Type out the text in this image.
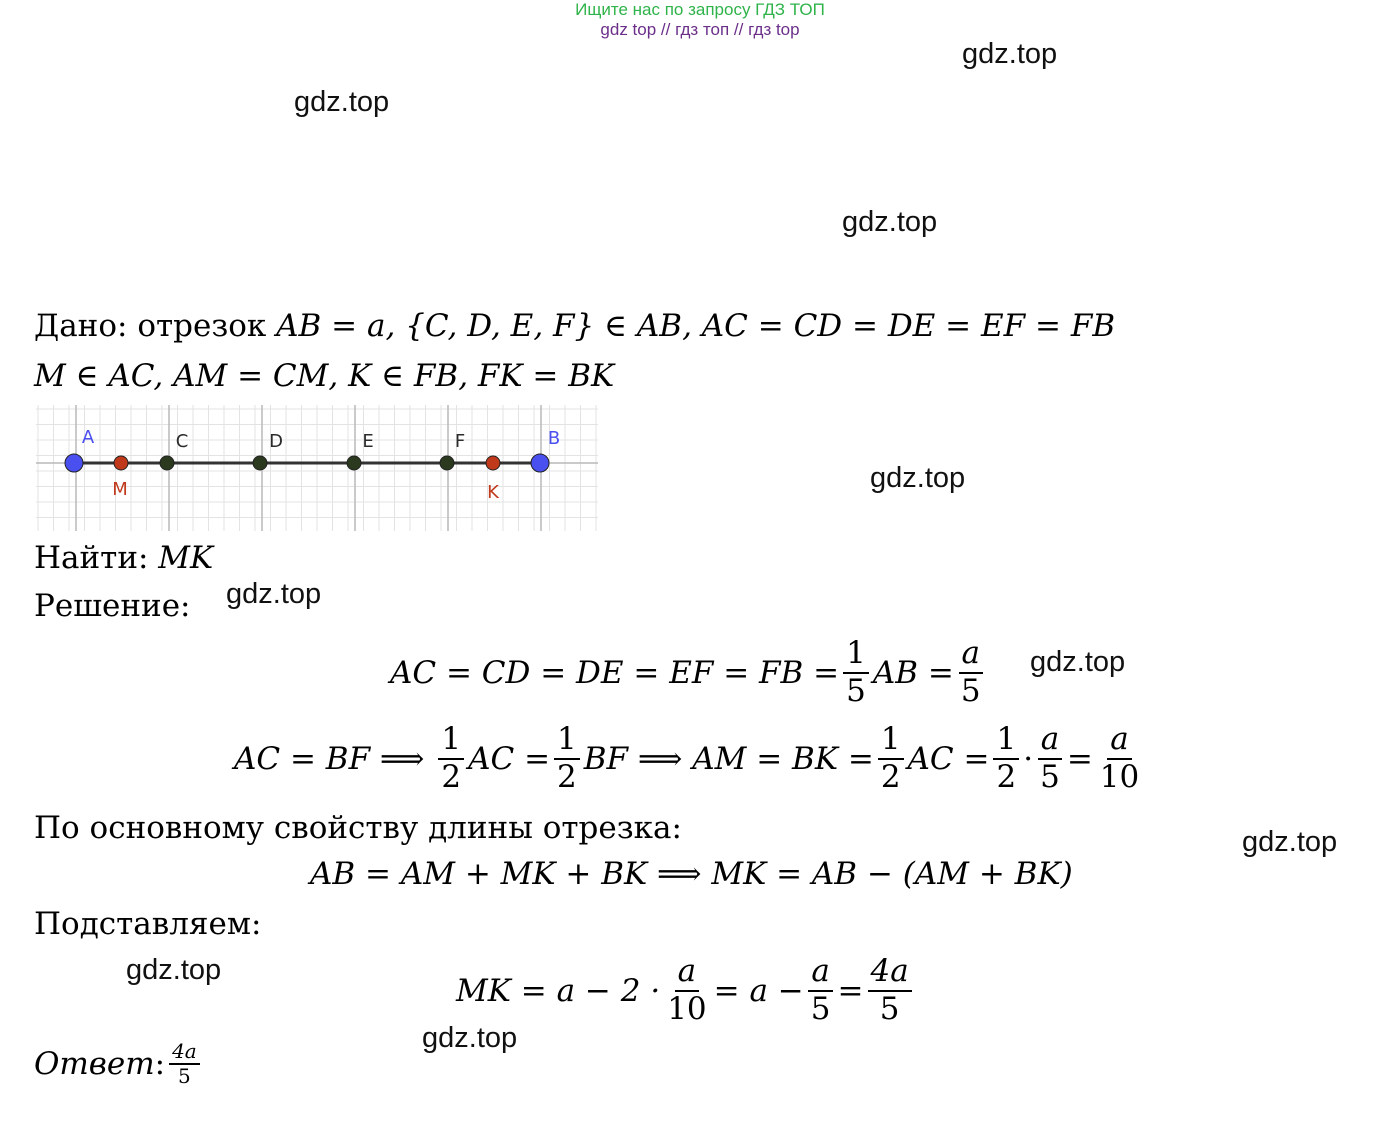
Ищите нас по запросу ГДЗ ТОП
gdz.top
gdz.top
gdz.top
gdz.top
gdz.top
gdz.top
gdz.top
gdz.top
gdz.top
Дано: отрезок AB = a, {C, D, E, F} ∈ AB, AC = CD = DE = EF = FB
M ∈ AC, AM = CM, K ∈ FB, FK = BK
A
M
C	D	E	F
K
B
Найти: MK
Решение:
AC = CD = DE = EF = FB = $\frac{1}{5}$ AB = $\frac{a}{5}$
AC = BF ⟹ $\frac{1}{2}$ AC = $\frac{1}{2}$ BF ⟹ AM = BK = $\frac{1}{2}$ AC = $\frac{1}{2} \cdot \frac{a}{5} = \frac{a}{10}$
По основному свойству длины отрезка:
AB = AM + MK + BK ⟹ MK = AB − (AM + BK)
Подставляем:
MK = $a - 2 \cdot \frac{a}{10} = a - \frac{a}{5} = \frac{4a}{5}$
Ответ : $\frac{4a}{5}$
gdz top // гдз топ // гдз top
